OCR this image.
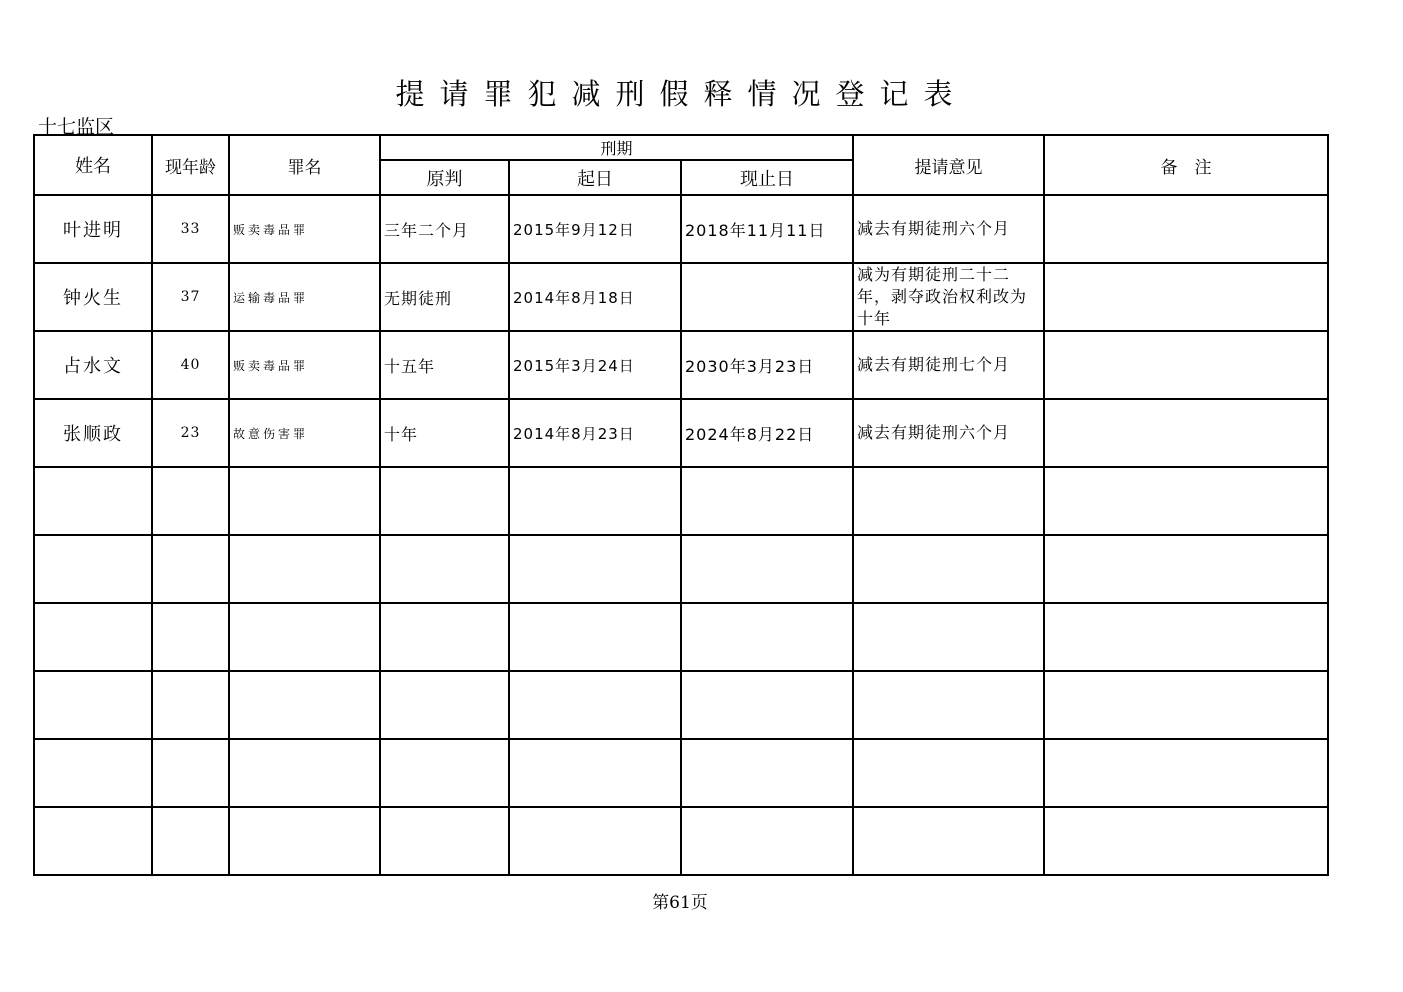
提请罪犯减刑假释情况登记表
十七监区
姓名	现年龄	罪名	刑期			提请意见	备　注
			原判	起日	现止日		
叶进明	33	贩卖毒品罪	三年二个月	2015年9月12日	2018年11月11日	减去有期徒刑六个月	
钟火生	37	运输毒品罪	无期徒刑	2014年8月18日		减为有期徒刑二十二年，剥夺政治权利改为十年	
占水文	40	贩卖毒品罪	十五年	2015年3月24日	2030年3月23日	减去有期徒刑七个月	
张顺政	23	故意伤害罪	十年	2014年8月23日	2024年8月22日	减去有期徒刑六个月	

第61页
